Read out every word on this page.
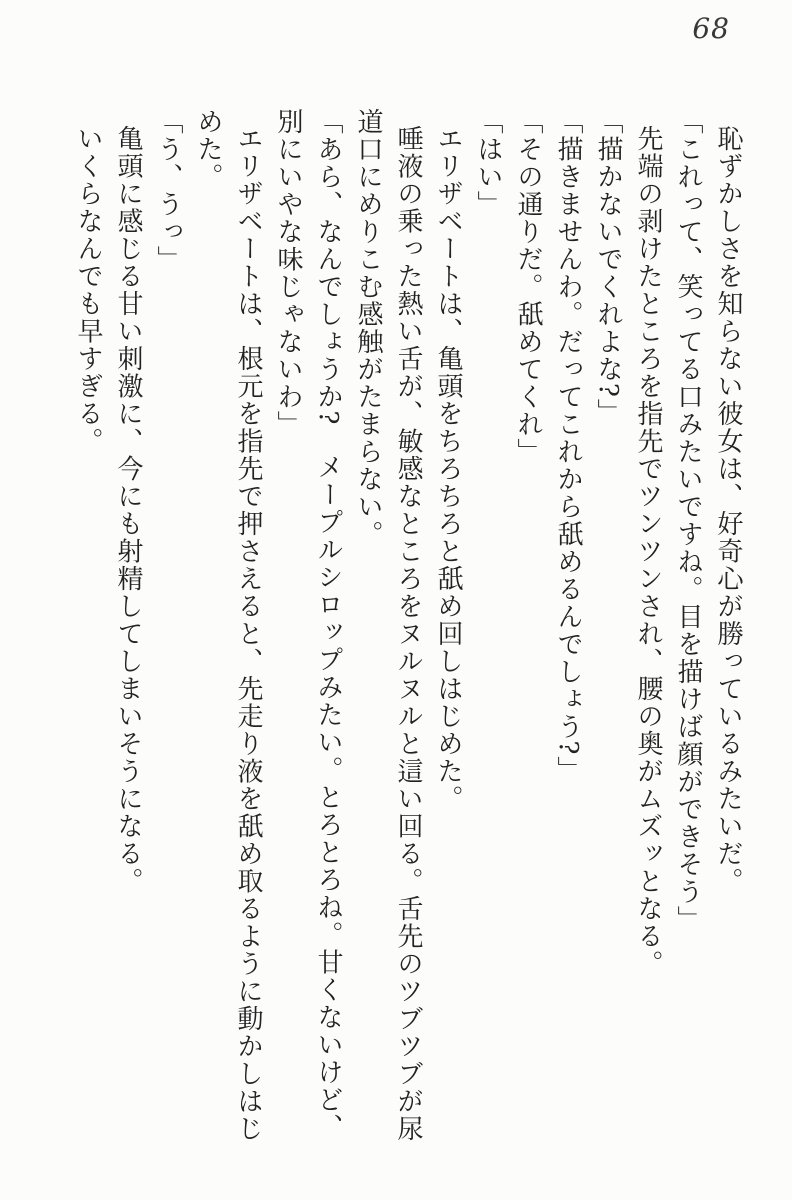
68

恥ずかしさを知らない彼女は、好奇心が勝っているみたいだ。

「これって、笑ってる口みたいですね。目を描けば顔ができそう」

先端の剥けたところを指先でツンツンされ、腰の奥がムズッとなる。

「描かないでくれよな?」

「描きませんわ。だってこれから舐めるんでしょう?」

「その通りだ。舐めてくれ」

「はい」

エリザベートは、亀頭をちろちろと舐め回しはじめた。

唾液の乗った熱い舌が、敏感なところをヌルヌルと這い回る。舌先のツブツブが尿

道口にめりこむ感触がたまらない。

「あら、なんでしょうか?　メープルシロップみたい。とろとろね。甘くないけど、

別にいやな味じゃないわ」

エリザベートは、根元を指先で押さえると、先走り液を舐め取るように動かしはじ

めた。

「う、うっ」

亀頭に感じる甘い刺激に、今にも射精してしまいそうになる。

いくらなんでも早すぎる。
